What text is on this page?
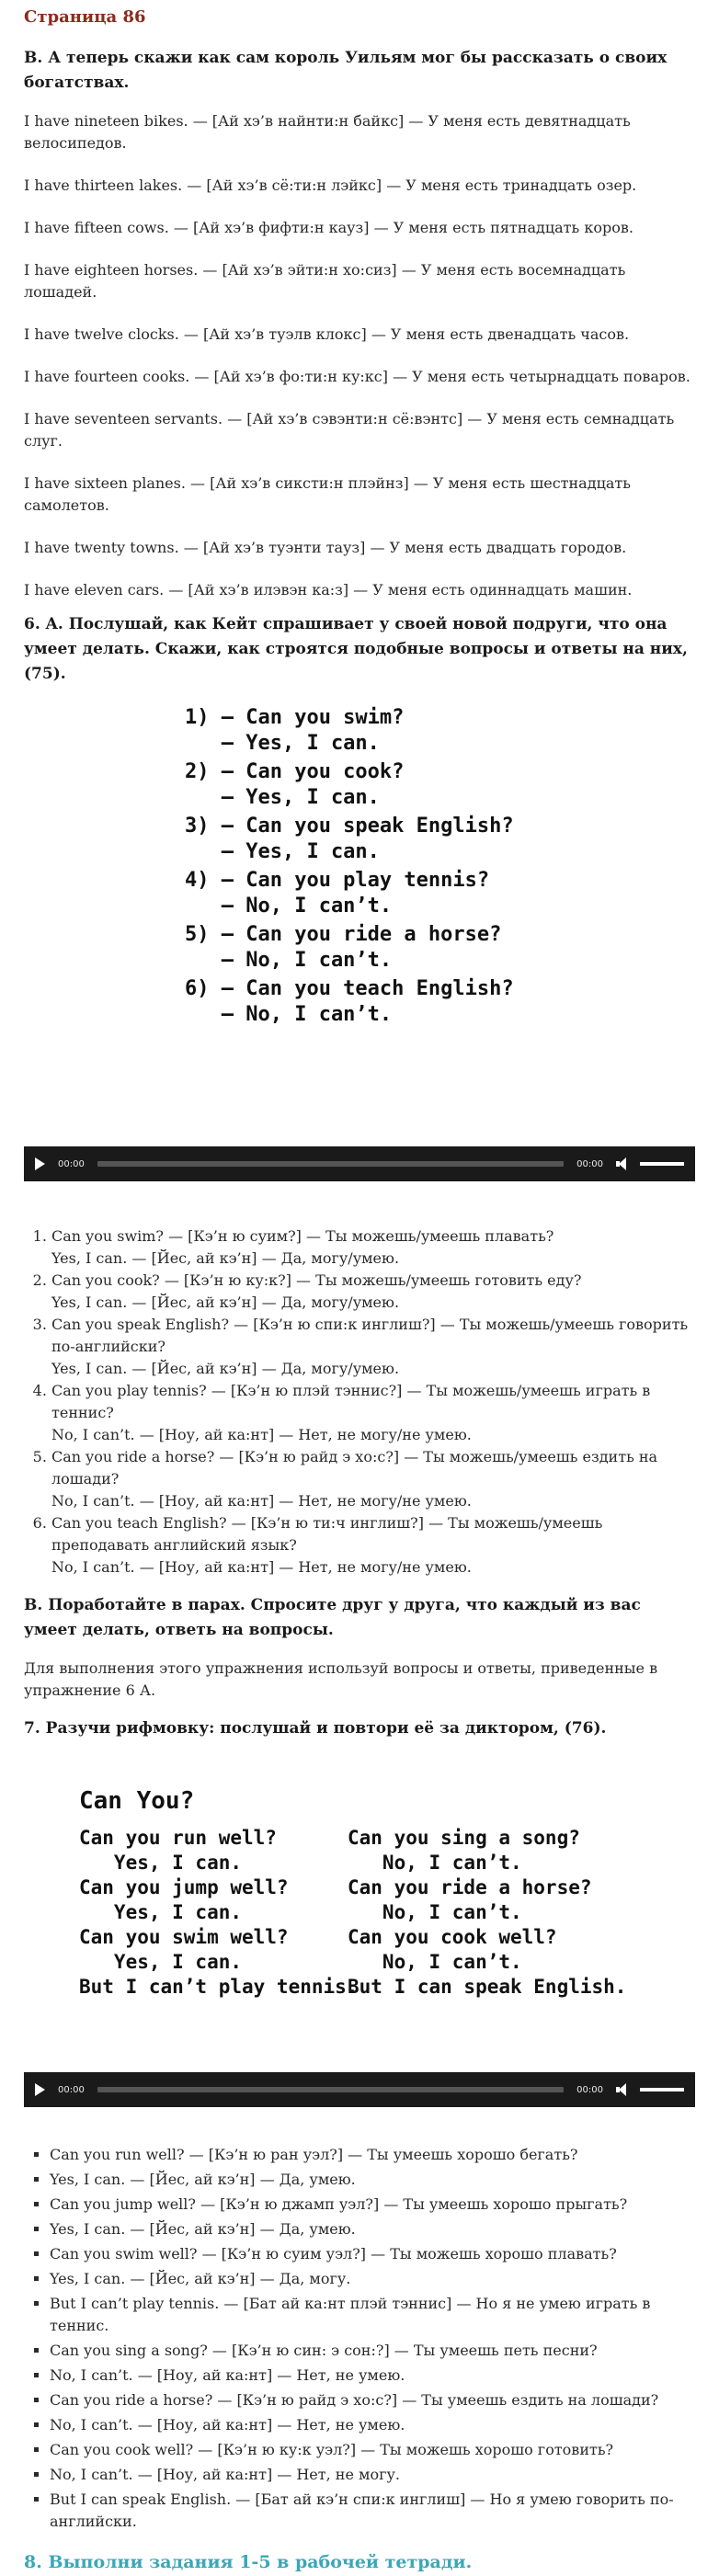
Страница 86

B. А теперь скажи как сам король Уильям мог бы рассказать о своих богатствах.

I have nineteen bikes. — [Ай хэ’в найнти:н байкс] — У меня есть девятнадцать велосипедов.

I have thirteen lakes. — [Ай хэ’в сё:ти:н лэйкс] — У меня есть тринадцать озер.

I have fifteen cows. — [Ай хэ’в фифти:н кауз] — У меня есть пятнадцать коров.

I have eighteen horses. — [Ай хэ’в эйти:н хо:сиз] — У меня есть восемнадцать лошадей.

I have twelve clocks. — [Ай хэ’в туэлв клокс] — У меня есть двенадцать часов.

I have fourteen cooks. — [Ай хэ’в фо:ти:н ку:кс] — У меня есть четырнадцать поваров.

I have seventeen servants. — [Ай хэ’в сэвэнти:н сё:вэнтс] — У меня есть семнадцать слуг.

I have sixteen planes. — [Ай хэ’в сиксти:н плэйнз] — У меня есть шестнадцать самолетов.

I have twenty towns. — [Ай хэ’в туэнти тауз] — У меня есть двадцать городов.

I have eleven cars. — [Ай хэ’в илэвэн ка:з] — У меня есть одиннадцать машин.

6. A. Послушай, как Кейт спрашивает у своей новой подруги, что она умеет делать. Скажи, как строятся подобные вопросы и ответы на них, (75).

1) — Can you swim?
— Yes, I can.
2) — Can you cook?
— Yes, I can.
3) — Can you speak English?
— Yes, I can.
4) — Can you play tennis?
— No, I can’t.
5) — Can you ride a horse?
— No, I can’t.
6) — Can you teach English?
— No, I can’t.
00:00	00:00
1. Can you swim? — [Кэ’н ю суим?] — Ты можешь/умеешь плавать?
Yes, I can. — [Йес, ай кэ’н] — Да, могу/умею.
2. Can you cook? — [Кэ’н ю ку:к?] — Ты можешь/умеешь готовить еду?
Yes, I can. — [Йес, ай кэ’н] — Да, могу/умею.
3. Can you speak English? — [Кэ’н ю спи:к инглиш?] — Ты можешь/умеешь говорить по-английски?
Yes, I can. — [Йес, ай кэ’н] — Да, могу/умею.
4. Can you play tennis? — [Кэ’н ю плэй тэннис?] — Ты можешь/умеешь играть в теннис?
No, I can’t. — [Ноу, ай ка:нт] — Нет, не могу/не умею.
5. Can you ride a horse? — [Кэ’н ю райд э хо:с?] — Ты можешь/умеешь ездить на лошади?
No, I can’t. — [Ноу, ай ка:нт] — Нет, не могу/не умею.
6. Can you teach English? — [Кэ’н ю ти:ч инглиш?] — Ты можешь/умеешь преподавать английский язык?
No, I can’t. — [Ноу, ай ка:нт] — Нет, не могу/не умею.

B. Поработайте в парах. Спросите друг у друга, что каждый из вас умеет делать, ответь на вопросы.

Для выполнения этого упражнения используй вопросы и ответы, приведенные в упражнение 6 А.

7. Разучи рифмовку: послушай и повтори её за диктором, (76).

Can You?
Can you run well?
Yes, I can.
Can you jump well?
Yes, I can.
Can you swim well?
Yes, I can.
But I can’t play tennis.
Can you sing a song?
No, I can’t.
Can you ride a horse?
No, I can’t.
Can you cook well?
No, I can’t.
But I can speak English.
00:00	00:00
▪ Can you run well? — [Кэ’н ю ран уэл?] — Ты умеешь хорошо бегать?
▪ Yes, I can. — [Йес, ай кэ’н] — Да, умею.
▪ Can you jump well? — [Кэ’н ю джамп уэл?] — Ты умеешь хорошо прыгать?
▪ Yes, I can. — [Йес, ай кэ’н] — Да, умею.
▪ Can you swim well? — [Кэ’н ю суим уэл?] — Ты можешь хорошо плавать?
▪ Yes, I can. — [Йес, ай кэ’н] — Да, могу.
▪ But I can’t play tennis. — [Бат ай ка:нт плэй тэннис] — Но я не умею играть в теннис.
▪ Can you sing a song? — [Кэ’н ю син: э сон:?] — Ты умеешь петь песни?
▪ No, I can’t. — [Ноу, ай ка:нт] — Нет, не умею.
▪ Can you ride a horse? — [Кэ’н ю райд э хо:с?] — Ты умеешь ездить на лошади?
▪ No, I can’t. — [Ноу, ай ка:нт] — Нет, не умею.
▪ Can you cook well? — [Кэ’н ю ку:к уэл?] — Ты можешь хорошо готовить?
▪ No, I can’t. — [Ноу, ай ка:нт] — Нет, не могу.
▪ But I can speak English. — [Бат ай кэ’н спи:к инглиш] — Но я умею говорить по-английски.

8. Выполни задания 1-5 в рабочей тетради.
